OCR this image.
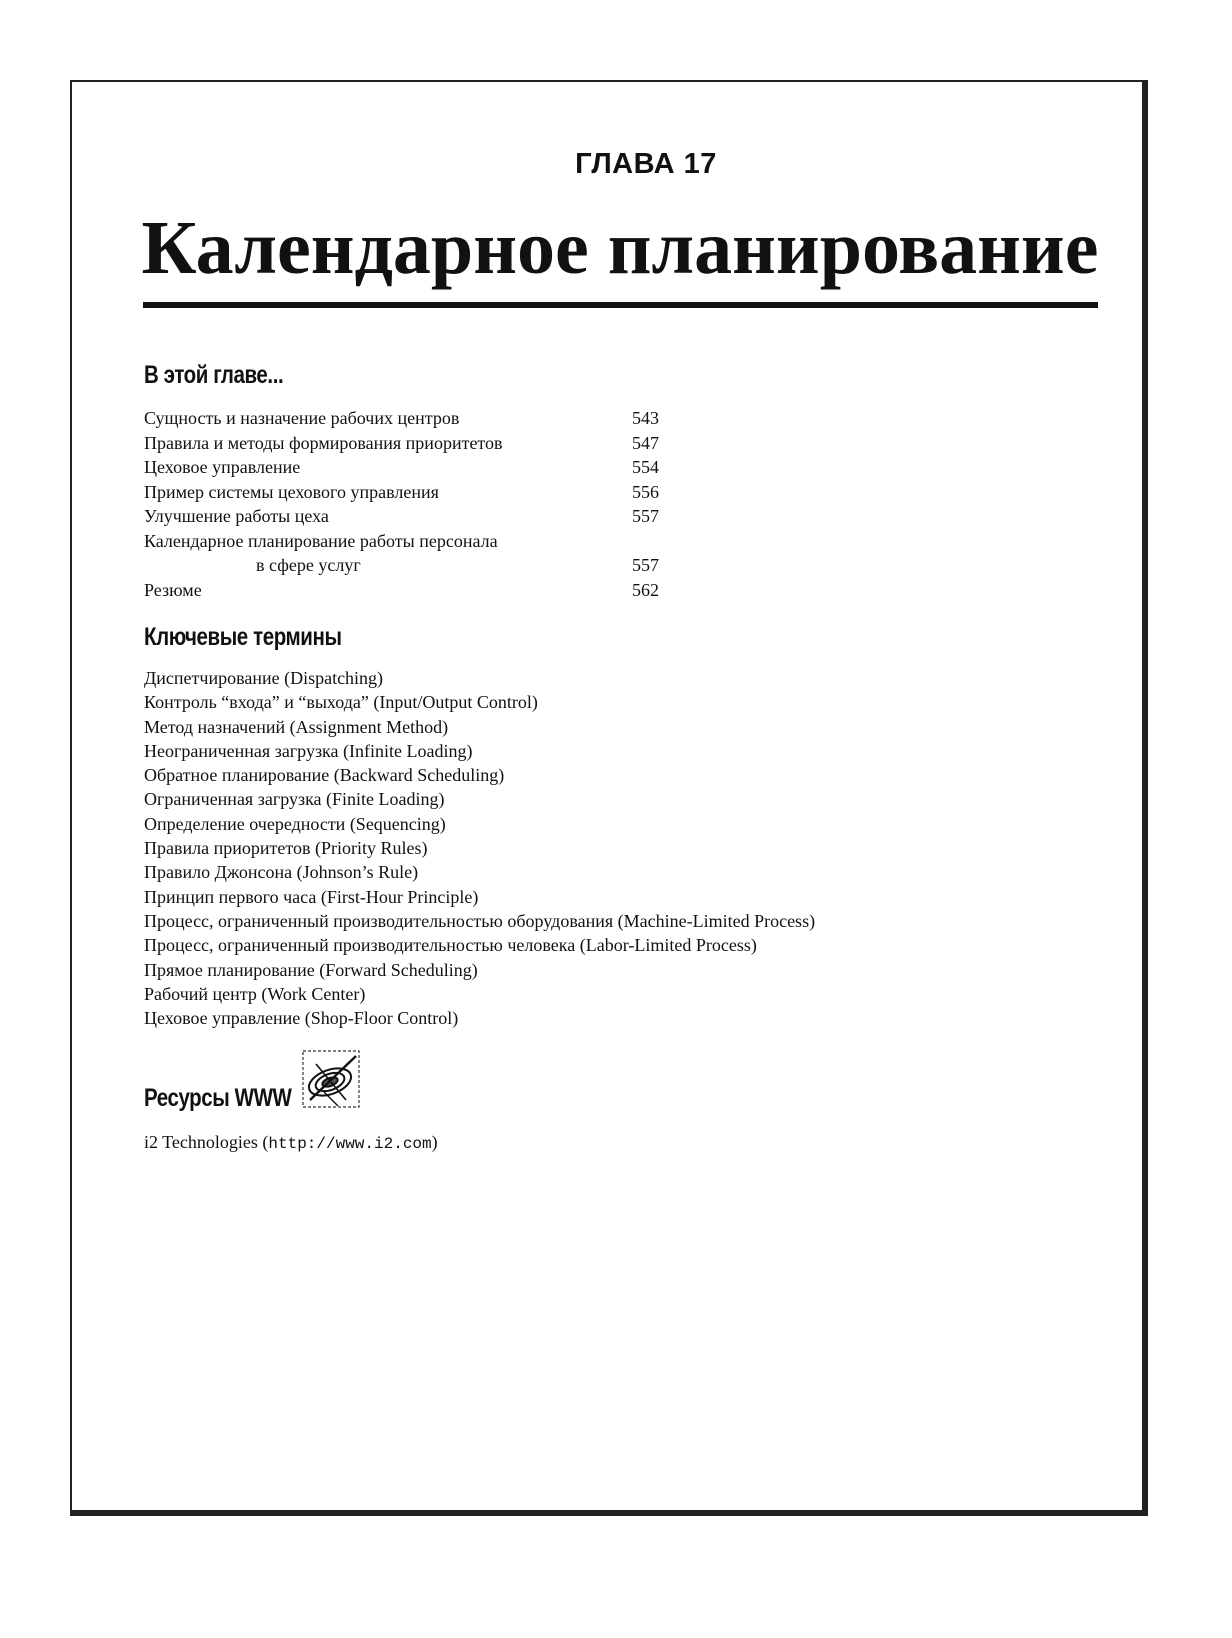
ГЛАВА 17
Календарное планирование
В этой главе...
Сущность и назначение рабочих центров	543
Правила и методы формирования приоритетов	547
Цеховое управление	554
Пример системы цехового управления	556
Улучшение работы цеха	557
Календарное планирование работы персонала
в сфере услуг	557
Резюме	562
Ключевые термины
Диспетчирование (Dispatching)
Контроль “входа” и “выхода” (Input/Output Control)
Метод назначений (Assignment Method)
Неограниченная загрузка (Infinite Loading)
Обратное планирование (Backward Scheduling)
Ограниченная загрузка (Finite Loading)
Определение очередности (Sequencing)
Правила приоритетов (Priority Rules)
Правило Джонсона (Johnson’s Rule)
Принцип первого часа (First-Hour Principle)
Процесс, ограниченный производительностью оборудования (Machine-Limited Process)
Процесс, ограниченный производительностью человека (Labor-Limited Process)
Прямое планирование (Forward Scheduling)
Рабочий центр (Work Center)
Цеховое управление (Shop-Floor Control)
Ресурсы WWW
i2 Technologies (http://www.i2.com)
